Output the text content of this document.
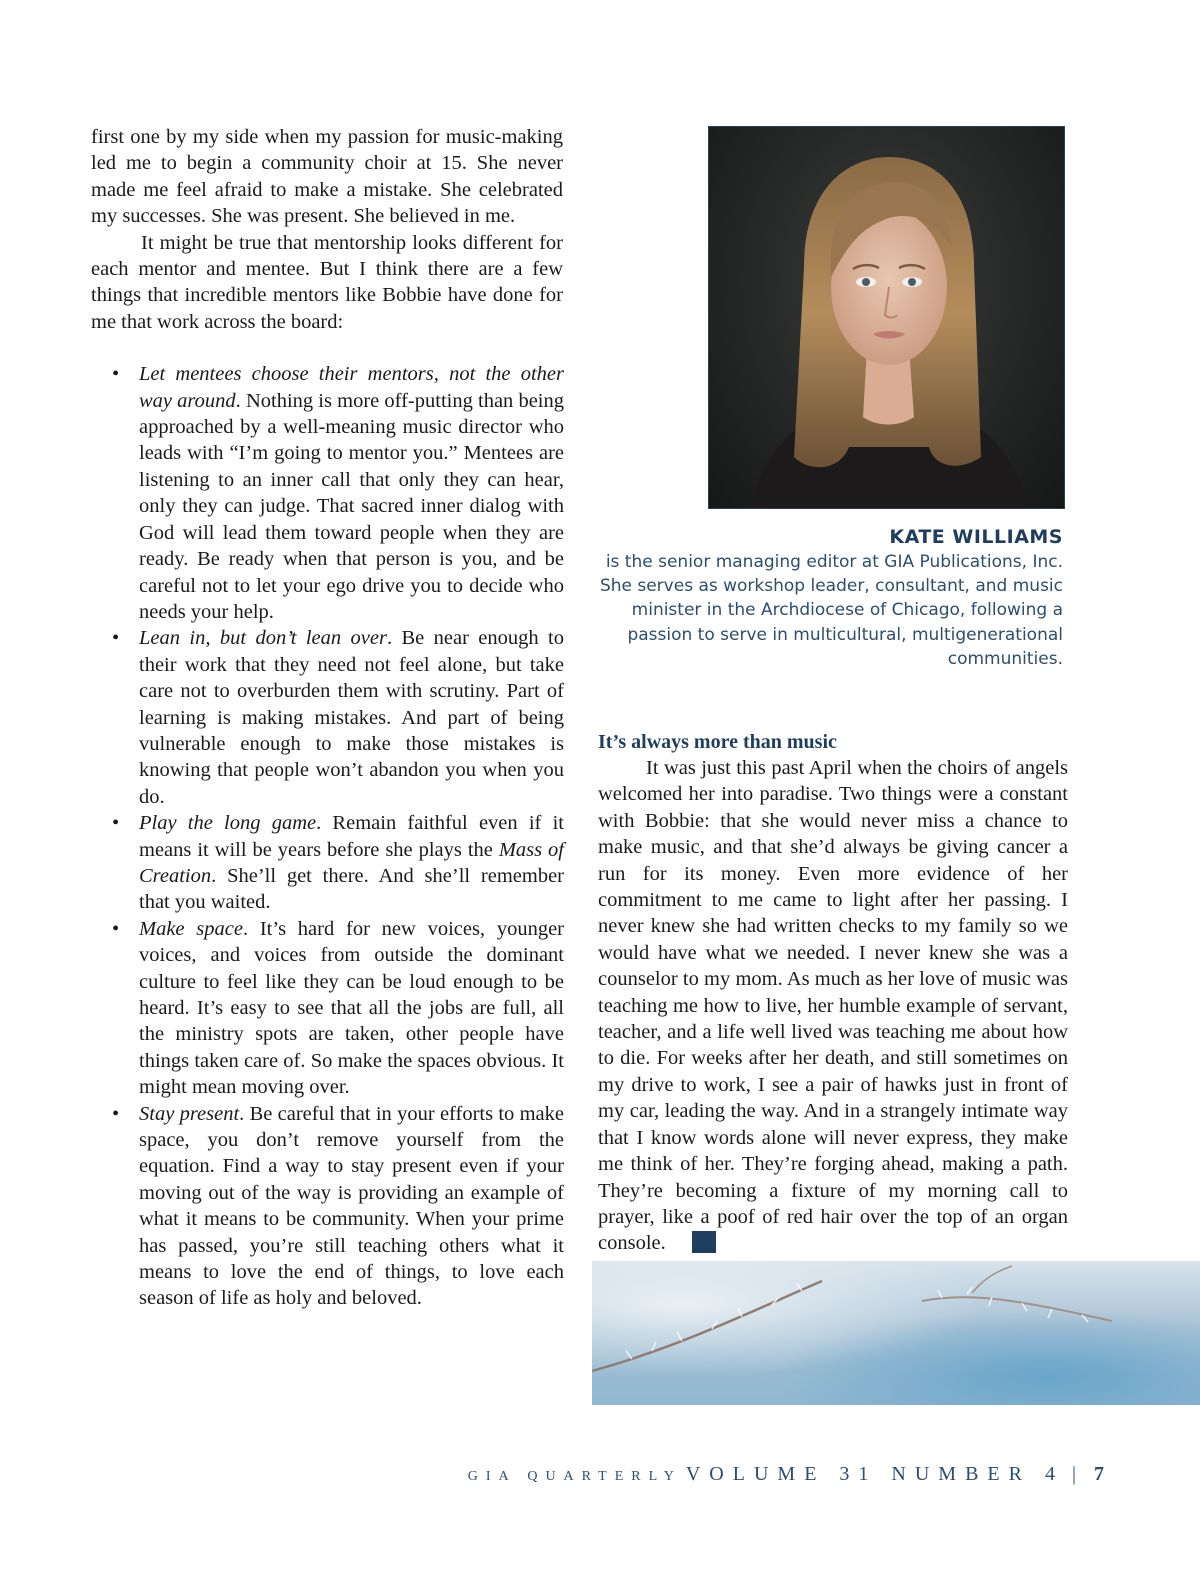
first one by my side when my passion for music-making led me to begin a community choir at 15. She never made me feel afraid to make a mistake. She celebrated my successes. She was present. She believed in me.

It might be true that mentorship looks different for each mentor and mentee. But I think there are a few things that incredible mentors like Bobbie have done for me that work across the board:

• Let mentees choose their mentors, not the other way around. Nothing is more off-putting than being approached by a well-meaning music director who leads with “I’m going to mentor you.” Mentees are listening to an inner call that only they can hear, only they can judge. That sacred inner dialog with God will lead them toward people when they are ready. Be ready when that person is you, and be careful not to let your ego drive you to decide who needs your help.
• Lean in, but don’t lean over. Be near enough to their work that they need not feel alone, but take care not to overburden them with scrutiny. Part of learning is making mistakes. And part of being vulnerable enough to make those mistakes is knowing that people won’t abandon you when you do.
• Play the long game. Remain faithful even if it means it will be years before she plays the Mass of Creation. She’ll get there. And she’ll remember that you waited.
• Make space. It’s hard for new voices, younger voices, and voices from outside the dominant culture to feel like they can be loud enough to be heard. It’s easy to see that all the jobs are full, all the ministry spots are taken, other people have things taken care of. So make the spaces obvious. It might mean moving over.
• Stay present. Be careful that in your efforts to make space, you don’t remove yourself from the equation. Find a way to stay present even if your moving out of the way is providing an example of what it means to be community. When your prime has passed, you’re still teaching others what it means to love the end of things, to love each season of life as holy and beloved.
KATE WILLIAMS
is the senior managing editor at GIA Publications, Inc. She serves as workshop leader, consultant, and music minister in the Archdiocese of Chicago, following a passion to serve in multicultural, multigenerational communities.
It’s always more than music

It was just this past April when the choirs of angels welcomed her into paradise. Two things were a constant with Bobbie: that she would never miss a chance to make music, and that she’d always be giving cancer a run for its money. Even more evidence of her commitment to me came to light after her passing. I never knew she had written checks to my family so we would have what we needed. I never knew she was a counselor to my mom. As much as her love of music was teaching me how to live, her humble example of servant, teacher, and a life well lived was teaching me about how to die. For weeks after her death, and still sometimes on my drive to work, I see a pair of hawks just in front of my car, leading the way. And in a strangely intimate way that I know words alone will never express, they make me think of her. They’re forging ahead, making a path. They’re becoming a fixture of my morning call to prayer, like a poof of red hair over the top of an organ console.

GIA QUARTERLY VOLUME 31 NUMBER 4 | 7
